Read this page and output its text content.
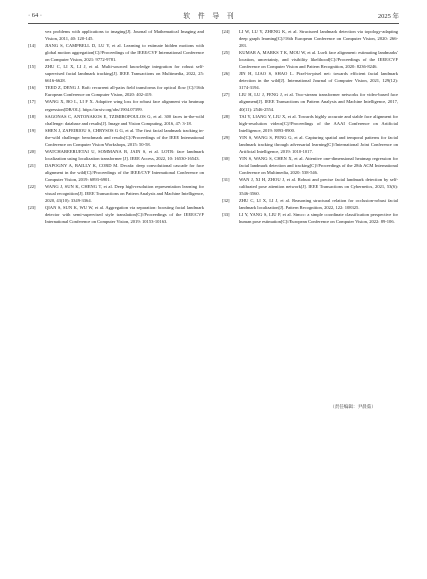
· 64 ·	软 件 导 刊	2025 年
vex problems with applications to imaging[J]. Journal of Mathematical Imaging and Vision, 2011, 40: 120-145.
[14]	JIANG S, CAMPBELL D, LU Y, et al. Learning to estimate hidden motions with global motion aggregation[C]//Proceedings of the IEEE/CVF International Conference on Computer Vision, 2021: 9772-9781.
[15]	ZHU C, LI X, LI J, et al. Multi-sourced knowledge integration for robust self-supervised facial landmark tracking[J]. IEEE Transactions on Multimedia, 2022, 25: 6616-6628.
[16]	TEED Z, DENG J. Raft: recurrent all-pairs field transforms for optical flow [C]//16th European Conference on Computer Vision, 2020: 402-419.
[17]	WANG X, BO L, LI F X. Adaptive wing loss for robust face alignment via heatmap regression[DB/OL]. https://arxiv.org/abs/1904.07399.
[18]	SAGONAS C, ANTONAKOS E, TZIMIROPOULOS G, et al. 300 faces in-the-wild challenge: database and results[J]. Image and Vision Computing, 2016, 47: 3-18.
[19]	SHEN J, ZAFEIRIOU S, CHRYSOS G G, et al. The first facial landmark tracking in-the-wild challenge: benchmark and results[C]//Proceedings of the IEEE International Conference on Computer Vision Workshops, 2015: 50-58.
[20]	WATCHAREERUETAI U, SOMMANA B, JAIN S, et al. LOTR: face landmark localization using localization transformer [J]. IEEE Access, 2022, 10: 16530-16543.
[21]	DAPOGNY A, BAILLY K, CORD M. Decafa: deep convolutional cascade for face alignment in the wild[C]//Proceedings of the IEEE/CVF International Conference on Computer Vision, 2019: 6893-6901.
[22]	WANG J, SUN K, CHENG T, et al. Deep high-resolution representation learning for visual recognition[J]. IEEE Transactions on Pattern Analysis and Machine Intelligence, 2020, 43(10): 3349-3364.
[23]	QIAN S, SUN K, WU W, et al. Aggregation via separation: boosting facial landmark detector with semi-supervised style translation[C]//Proceedings of the IEEE/CVF International Conference on Computer Vision, 2019: 10153-10163.
[24]	LI W, LU Y, ZHENG K, et al. Structured landmark detection via topology-adapting deep graph learning[C]//16th European Conference on Computer Vision, 2020: 266-283.
[25]	KUMAR A, MARKS T K, MOU W, et al. Luvli face alignment: estimating landmarks' location, uncertainty, and visibility likelihood[C]//Proceedings of the IEEE/CVF Conference on Computer Vision and Pattern Recognition, 2020: 8236-8246.
[26]	JIN H, LIAO S, SHAO L. Pixel-in-pixel net: towards efficient facial landmark detection in the wild[J]. International Journal of Computer Vision, 2021, 129(12): 3174-3194.
[27]	LIU H, LU J, FENG J, et al. Two-stream transformer networks for video-based face alignment[J]. IEEE Transactions on Pattern Analysis and Machine Intelligence, 2017, 40(11): 2546-2554.
[28]	TAI Y, LIANG Y, LIU X, et al. Towards highly accurate and stable face alignment for high-resolution videos[C]//Proceedings of the AAAI Conference on Artificial Intelligence, 2019: 8893-8900.
[29]	YIN S, WANG S, PENG G, et al. Capturing spatial and temporal patterns for facial landmark tracking through adversarial learning[C]//International Joint Conference on Artificial Intelligence, 2019: 1010-1017.
[30]	YIN S, WANG S, CHEN X, et al. Attentive one-dimensional heatmap regression for facial landmark detection and tracking[C]//Proceedings of the 28th ACM International Conference on Multimedia, 2020: 538-546.
[31]	WAN J, XI H, ZHOU J, et al. Robust and precise facial landmark detection by self-calibrated pose attention network[J]. IEEE Transactions on Cybernetics, 2021, 53(6): 3546-3560.
[32]	ZHU C, LI X, LI J, et al. Reasoning structural relation for occlusion-robust facial landmark localization[J]. Pattern Recognition, 2022, 122: 108325.
[33]	LI Y, YANG S, LIU P, et al. Simcc: a simple coordinate classification perspective for human pose estimation[C]//European Conference on Computer Vision, 2022: 89-106.
（责任编辑：尹晨茹）
